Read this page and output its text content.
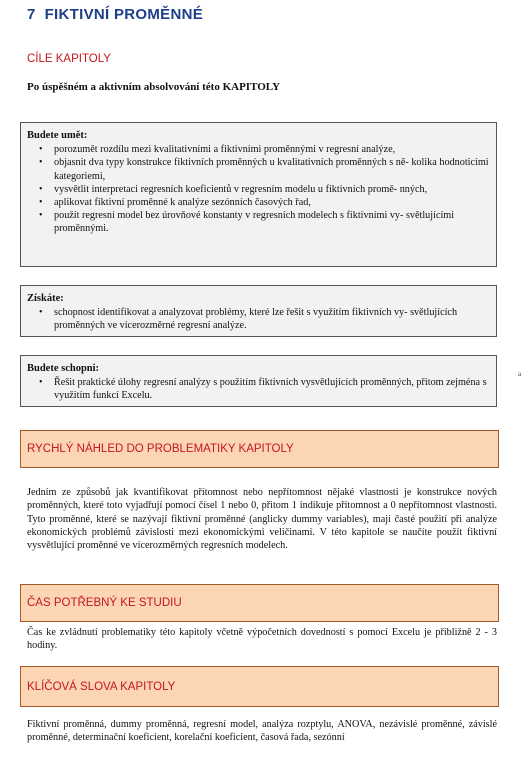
7 FIKTIVNÍ PROMĚNNÉ
CÍLE KAPITOLY
Po úspěšném a aktivním absolvování této KAPITOLY
Budete umět:
• porozumět rozdílu mezi kvalitativními a fiktivními proměnnými v regresní analýze,
• objasnit dva typy konstrukce fiktivních proměnných u kvalitativních proměnných s ně- kolika hodnoticími kategoriemi,
• vysvětlit interpretaci regresních koeficientů v regresním modelu u fiktivních promě- nných,
• aplikovat fiktivní proměnné k analýze sezónních časových řad,
• použít regresní model bez úrovňové konstanty v regresních modelech s fiktivními vy- světlujícími proměnnými.
Získáte:
• schopnost identifikovat a analyzovat problémy, které lze řešit s využitím fiktivních vy- světlujících proměnných ve vícerozměrné regresní analýze.
Budete schopni:
• Řešit praktické úlohy regresní analýzy s použitím fiktivních vysvětlujících proměnných, přitom zejména s využitím funkcí Excelu.
a
RYCHLÝ NÁHLED DO PROBLEMATIKY KAPITOLY
Jedním ze způsobů jak kvantifikovat přítomnost nebo nepřítomnost nějaké vlastnosti je konstrukce nových proměnných, které toto vyjadřují pomocí čísel 1 nebo 0, přitom 1 indikuje přítomnost a 0 nepřítomnost vlastnosti. Tyto proměnné, které se nazývají fiktivní proměnné (anglicky dummy variables), mají časté použití při analýze ekonomických problémů závislosti mezi ekonomickými veličinami. V této kapitole se naučíte použít fiktivní vysvětlující proměnné ve vícerozměrných regresních modelech.
ČAS POTŘEBNÝ KE STUDIU
Čas ke zvládnutí problematiky této kapitoly včetně výpočetních dovedností s pomocí Excelu je přibližně 2 - 3 hodiny.
KLÍČOVÁ SLOVA KAPITOLY
Fiktivní proměnná, dummy proměnná, regresní model, analýza rozptylu, ANOVA, nezávislé proměnné, závislé proměnné, determinační koeficient, korelační koeficient, časová řada, sezónní
